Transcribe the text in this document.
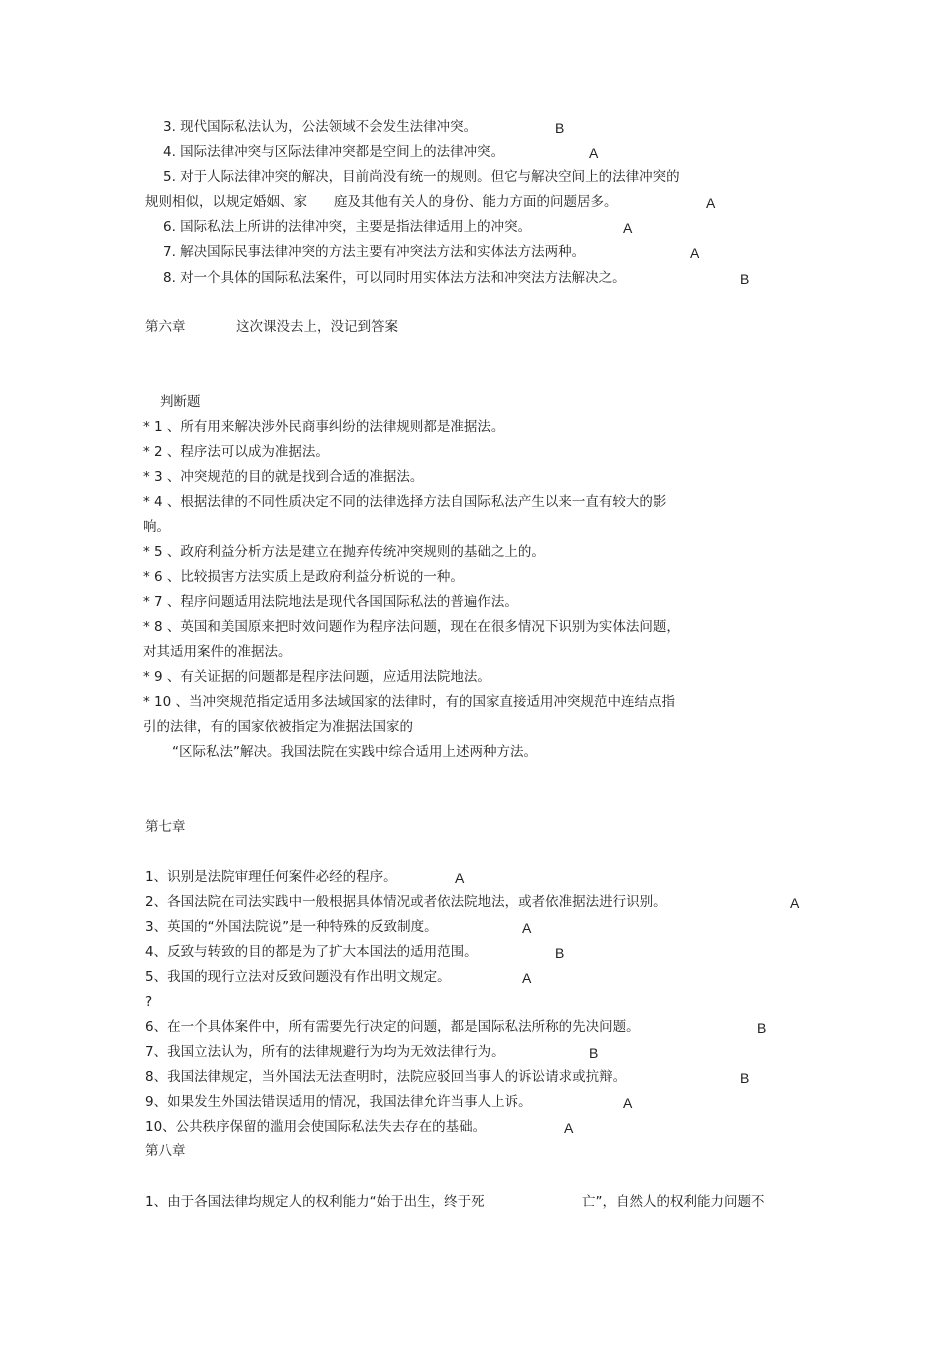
3. 现代国际私法认为，公法领域不会发生法律冲突。	B
4. 国际法律冲突与区际法律冲突都是空间上的法律冲突。	A
5. 对于人际法律冲突的解决，目前尚没有统一的规则。但它与解决空间上的法律冲突的
规则相似，以规定婚姻、家　　庭及其他有关人的身份、能力方面的问题居多。	A
6. 国际私法上所讲的法律冲突，主要是指法律适用上的冲突。	A
7. 解决国际民事法律冲突的方法主要有冲突法方法和实体法方法两种。	A
8. 对一个具体的国际私法案件，可以同时用实体法方法和冲突法方法解决之。	B
第六章	这次课没去上，没记到答案
判断题
* 1 、所有用来解决涉外民商事纠纷的法律规则都是准据法。
* 2 、程序法可以成为准据法。
* 3 、冲突规范的目的就是找到合适的准据法。
* 4 、根据法律的不同性质决定不同的法律选择方法自国际私法产生以来一直有较大的影
响。
* 5 、政府利益分析方法是建立在抛弃传统冲突规则的基础之上的。
* 6 、比较损害方法实质上是政府利益分析说的一种。
* 7 、程序问题适用法院地法是现代各国国际私法的普遍作法。
* 8 、英国和美国原来把时效问题作为程序法问题，现在在很多情况下识别为实体法问题，
对其适用案件的准据法。
* 9 、有关证据的问题都是程序法问题，应适用法院地法。
* 10 、当冲突规范指定适用多法域国家的法律时，有的国家直接适用冲突规范中连结点指
引的法律，有的国家依被指定为准据法国家的
“区际私法”解决。我国法院在实践中综合适用上述两种方法。
第七章
1、识别是法院审理任何案件必经的程序。	A
2、各国法院在司法实践中一般根据具体情况或者依法院地法，或者依准据法进行识别。	A
3、英国的“外国法院说”是一种特殊的反致制度。	A
4、反致与转致的目的都是为了扩大本国法的适用范围。	B
5、我国的现行立法对反致问题没有作出明文规定。	A
?
6、在一个具体案件中，所有需要先行决定的问题，都是国际私法所称的先决问题。	B
7、我国立法认为，所有的法律规避行为均为无效法律行为。	B
8、我国法律规定，当外国法无法查明时，法院应驳回当事人的诉讼请求或抗辩。	B
9、如果发生外国法错误适用的情况，我国法律允许当事人上诉。	A
10、公共秩序保留的滥用会使国际私法失去存在的基础。	A
第八章
1、由于各国法律均规定人的权利能力“始于出生，终于死	亡”，自然人的权利能力问题不
